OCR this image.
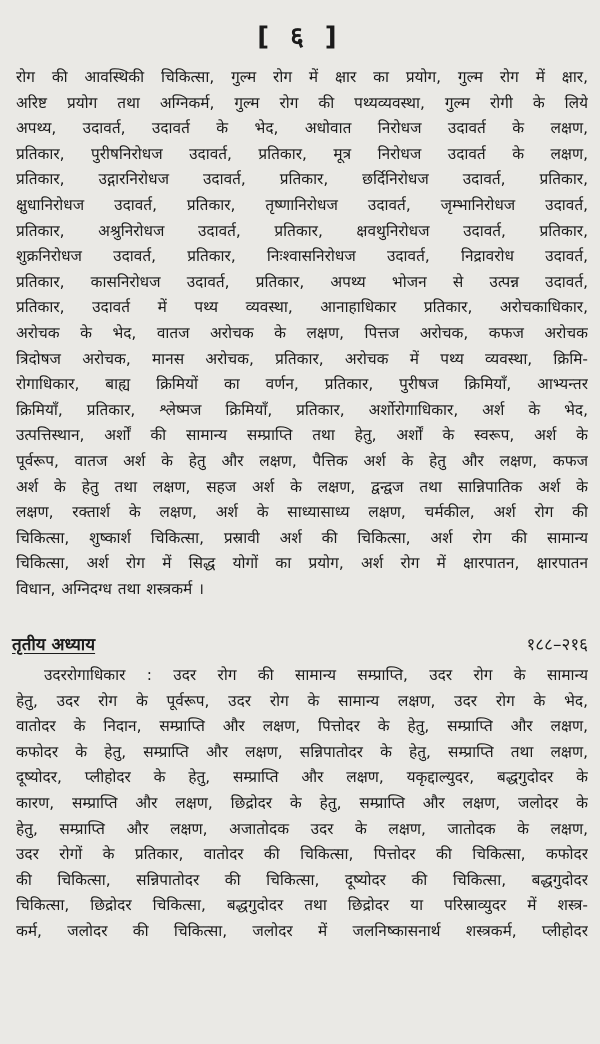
[ ६ ]
रोग की आवस्थिकी चिकित्सा, गुल्म रोग में क्षार का प्रयोग, गुल्म रोग में क्षार,
अरिष्ट प्रयोग तथा अग्निकर्म, गुल्म रोग की पथ्यव्यवस्था, गुल्म रोगी के लिये
अपथ्य, उदावर्त, उदावर्त के भेद, अधोवात निरोधज उदावर्त के लक्षण,
प्रतिकार, पुरीषनिरोधज उदावर्त, प्रतिकार, मूत्र निरोधज उदावर्त के लक्षण,
प्रतिकार, उद्गारनिरोधज उदावर्त, प्रतिकार, छर्दिनिरोधज उदावर्त, प्रतिकार,
क्षुधानिरोधज उदावर्त, प्रतिकार, तृष्णानिरोधज उदावर्त, जृम्भानिरोधज उदावर्त,
प्रतिकार, अश्रुनिरोधज उदावर्त, प्रतिकार, क्षवथुनिरोधज उदावर्त, प्रतिकार,
शुक्रनिरोधज उदावर्त, प्रतिकार, निःश्वासनिरोधज उदावर्त, निद्रावरोध उदावर्त,
प्रतिकार, कासनिरोधज उदावर्त, प्रतिकार, अपथ्य भोजन से उत्पन्न उदावर्त,
प्रतिकार, उदावर्त में पथ्य व्यवस्था, आनाहाधिकार प्रतिकार, अरोचकाधिकार,
अरोचक के भेद, वातज अरोचक के लक्षण, पित्तज अरोचक, कफज अरोचक
त्रिदोषज अरोचक, मानस अरोचक, प्रतिकार, अरोचक में पथ्य व्यवस्था, क्रिमि-
रोगाधिकार, बाह्य क्रिमियों का वर्णन, प्रतिकार, पुरीषज क्रिमियाँ, आभ्यन्तर
क्रिमियाँ, प्रतिकार, श्लेष्मज क्रिमियाँ, प्रतिकार, अर्शोरोगाधिकार, अर्श के भेद,
उत्पत्तिस्थान, अर्शों की सामान्य सम्प्राप्ति तथा हेतु, अर्शों के स्वरूप, अर्श के
पूर्वरूप, वातज अर्श के हेतु और लक्षण, पैत्तिक अर्श के हेतु और लक्षण, कफज
अर्श के हेतु तथा लक्षण, सहज अर्श के लक्षण, द्वन्द्वज तथा सान्निपातिक अर्श के
लक्षण, रक्तार्श के लक्षण, अर्श के साध्यासाध्य लक्षण, चर्मकील, अर्श रोग की
चिकित्सा, शुष्कार्श चिकित्सा, प्रस्रावी अर्श की चिकित्सा, अर्श रोग की सामान्य
चिकित्सा, अर्श रोग में सिद्ध योगों का प्रयोग, अर्श रोग में क्षारपातन, क्षारपातन
विधान, अग्निदग्ध तथा शस्त्रकर्म ।
तृतीय अध्याय	१८८–२१६
उदररोगाधिकार : उदर रोग की सामान्य सम्प्राप्ति, उदर रोग के सामान्य
हेतु, उदर रोग के पूर्वरूप, उदर रोग के सामान्य लक्षण, उदर रोग के भेद,
वातोदर के निदान, सम्प्राप्ति और लक्षण, पित्तोदर के हेतु, सम्प्राप्ति और लक्षण,
कफोदर के हेतु, सम्प्राप्ति और लक्षण, सन्निपातोदर के हेतु, सम्प्राप्ति तथा लक्षण,
दूष्योदर, प्लीहोदर के हेतु, सम्प्राप्ति और लक्षण, यकृद्दाल्युदर, बद्धगुदोदर के
कारण, सम्प्राप्ति और लक्षण, छिद्रोदर के हेतु, सम्प्राप्ति और लक्षण, जलोदर के
हेतु, सम्प्राप्ति और लक्षण, अजातोदक उदर के लक्षण, जातोदक के लक्षण,
उदर रोगों के प्रतिकार, वातोदर की चिकित्सा, पित्तोदर की चिकित्सा, कफोदर
की चिकित्सा, सन्निपातोदर की चिकित्सा, दूष्योदर की चिकित्सा, बद्धगुदोदर
चिकित्सा, छिद्रोदर चिकित्सा, बद्धगुदोदर तथा छिद्रोदर या परिस्राव्युदर में शस्त्र-
कर्म, जलोदर की चिकित्सा, जलोदर में जलनिष्कासनार्थ शस्त्रकर्म, प्लीहोदर
